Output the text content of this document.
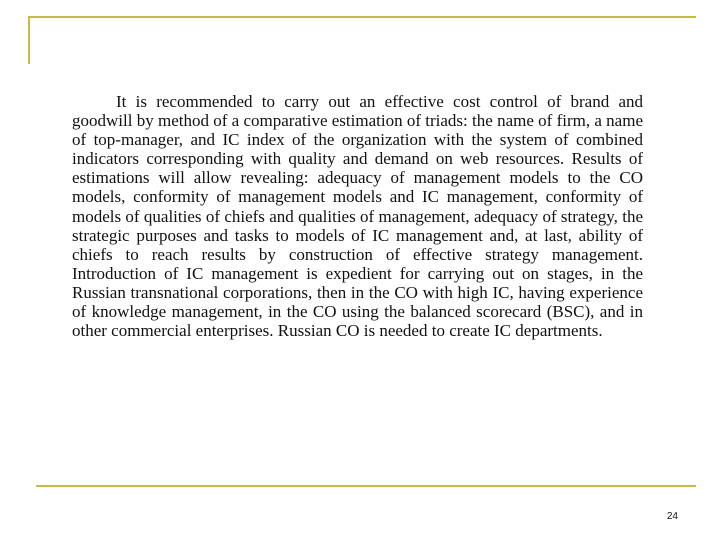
It is recommended to carry out an effective cost control of brand and goodwill by method of a comparative estimation of triads: the name of firm, a name of top-manager, and IC index of the organization with the system of combined indicators corresponding with quality and demand on web resources. Results of estimations will allow revealing: adequacy of management models to the CO models, conformity of management models and IC management, conformity of models of qualities of chiefs and qualities of management, adequacy of strategy, the strategic purposes and tasks to models of IC management and, at last, ability of chiefs to reach results by construction of effective strategy management. Introduction of IC management is expedient for carrying out on stages, in the Russian transnational corporations, then in the CO with high IC, having experience of knowledge management, in the CO using the balanced scorecard (BSC), and in other commercial enterprises. Russian CO is needed to create IC departments.

24
